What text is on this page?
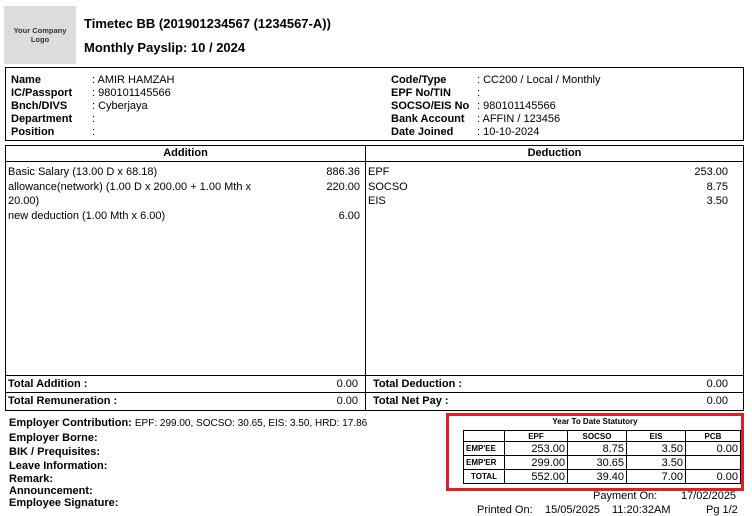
Your Company Logo
Timetec BB (201901234567 (1234567-A))
Monthly Payslip: 10 / 2024
Name	: AMIR HAMZAH
IC/Passport : 980101145566
Bnch/DIVS : Cyberjaya
Department :
Position	:
Code/Type	: CC200 / Local / Monthly
EPF No/TIN :
SOCSO/EIS No : 980101145566
Bank Account : AFFIN / 123456
Date Joined : 10-10-2024
Addition	Deduction
Basic Salary (13.00 D x 68.18)	886.36
allowance(network) (1.00 D x 200.00 + 1.00 Mth x
20.00)
220.00
new deduction (1.00 Mth x 6.00)	6.00
EPF	253.00
SOCSO	8.75
EIS	3.50
Total Addition :	0.00 Total Deduction :	0.00
Total Remuneration :	0.00 Total Net Pay :	0.00
Employer Contribution: EPF: 299.00, SOCSO: 30.65, EIS: 3.50, HRD: 17.86
Employer Borne:
BIK / Prequisites:
Leave Information:
Remark:
Announcement:
Employee Signature:
Year To Date Statutory
	EPF	SOCSO	EIS	PCB
EMP'EE	253.00	8.75	3.50	0.00
EMP'ER	299.00	30.65	3.50	
TOTAL	552.00	39.40	7.00	0.00
Payment On: 17/02/2025
Printed On: 15/05/2025 11:20:32AM	Pg 1/2
